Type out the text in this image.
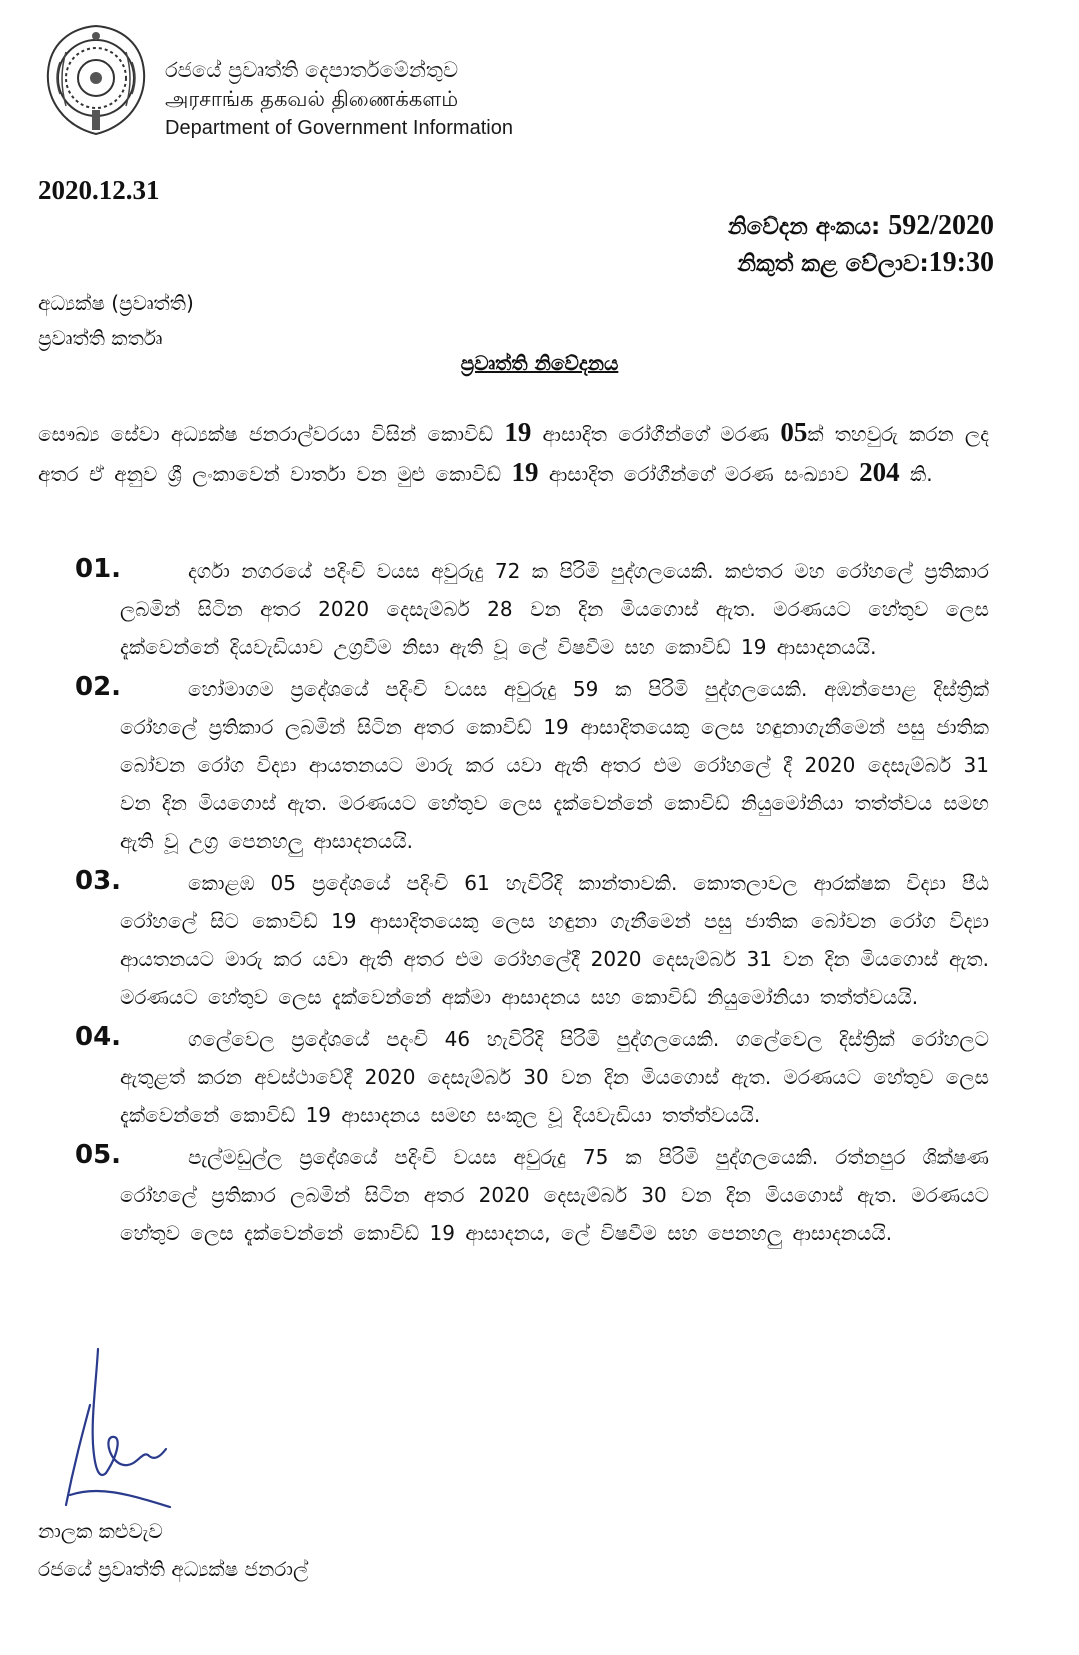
රජයේ ප්‍රවෘත්ති දෙපාර්තමේන්තුව
அரசாங்க தகவல் திணைக்களம்
Department of Government Information
2020.12.31
නිවේදන අංකය: 592/2020
නිකුත් කළ වේලාව:19:30
අධ්‍යක්ෂ (ප්‍රවෘත්ති)
ප්‍රවෘත්ති කර්තෘ
ප්‍රවෘත්ති නිවේදනය
සෞඛ්‍ය සේවා අධ්‍යක්ෂ ජනරාල්වරයා විසින් කොවිඩ් 19 ආසාදිත රෝගීන්ගේ මරණ 05ක් තහවුරු කරන ලද අතර ඒ අනුව ශ්‍රී ලංකාවෙන් වාර්තා වන මුළු කොවිඩ් 19 ආසාදිත රෝගීන්ගේ මරණ සංඛ්‍යාව 204 කි.
01.	දර්ගා නගරයේ පදිංචි වයස අවුරුදු 72 ක පිරිමි පුද්ගලයෙකි. කළුතර මහ රෝහලේ ප්‍රතිකාර ලබමින් සිටින අතර 2020 දෙසැම්බර් 28 වන දින මියගොස් ඇත. මරණයට හේතුව ලෙස දැක්වෙන්නේ දියවැඩියාව උග්‍රවීම නිසා ඇති වූ ලේ විෂවීම සහ කොවිඩ් 19 ආසාදනයයි.
02.	හෝමාගම ප්‍රදේශයේ පදිංචි වයස අවුරුදු 59 ක පිරිමි පුද්ගලයෙකි. අඹන්පොළ දිස්ත්‍රික් රෝහලේ ප්‍රතිකාර ලබමින් සිටින අතර කොවිඩ් 19 ආසාදිතයෙකු ලෙස හඳුනාගැනීමෙන් පසු ජාතික බෝවන රෝග විද්‍යා ආයතනයට මාරු කර යවා ඇති අතර එම රෝහලේ දී 2020 දෙසැම්බර් 31 වන දින මියගොස් ඇත. මරණයට හේතුව ලෙස දැක්වෙන්නේ කොවිඩ් නියුමෝනියා තත්ත්වය සමඟ ඇති වූ උග්‍ර පෙනහලු ආසාදනයයි.
03.	කොළඹ 05 ප්‍රදේශයේ පදිංචි 61 හැවිරිදි කාන්තාවකි. කොතලාවල ආරක්ෂක විද්‍යා පීඨ රෝහලේ සිට කොවිඩ් 19 ආසාදිතයෙකු ලෙස හඳුනා ගැනීමෙන් පසු ජාතික බෝවන රෝග විද්‍යා ආයතනයට මාරු කර යවා ඇති අතර එම රෝහලේදී 2020 දෙසැම්බර් 31 වන දින මියගොස් ඇත. මරණයට හේතුව ලෙස දැක්වෙන්නේ අක්මා ආසාදනය සහ කොවිඩ් නියුමෝනියා තත්ත්වයයි.
04.	ගලේවෙල ප්‍රදේශයේ පදංචි 46 හැවිරිදි පිරිමි පුද්ගලයෙකි. ගලේවෙල දිස්ත්‍රික් රෝහලට ඇතුළත් කරන අවස්ථාවේදී 2020 දෙසැම්බර් 30 වන දින මියගොස් ඇත. මරණයට හේතුව ලෙස දැක්වෙන්නේ කොවිඩ් 19 ආසාදනය සමඟ සංකූල වූ දියවැඩියා තත්ත්වයයි.
05.	පැල්මඩුල්ල ප්‍රදේශයේ පදිංචි වයස අවුරුදු 75 ක පිරිමි පුද්ගලයෙකි. රත්නපුර ශික්ෂණ රෝහලේ ප්‍රතිකාර ලබමින් සිටින අතර 2020 දෙසැම්බර් 30 වන දින මියගොස් ඇත. මරණයට හේතුව ලෙස දැක්වෙන්නේ කොවිඩ් 19 ආසාදනය, ලේ විෂවීම සහ පෙනහලු ආසාදනයයි.
නාලක කළුවැව
රජයේ ප්‍රවෘත්ති අධ්‍යක්ෂ ජනරාල්
